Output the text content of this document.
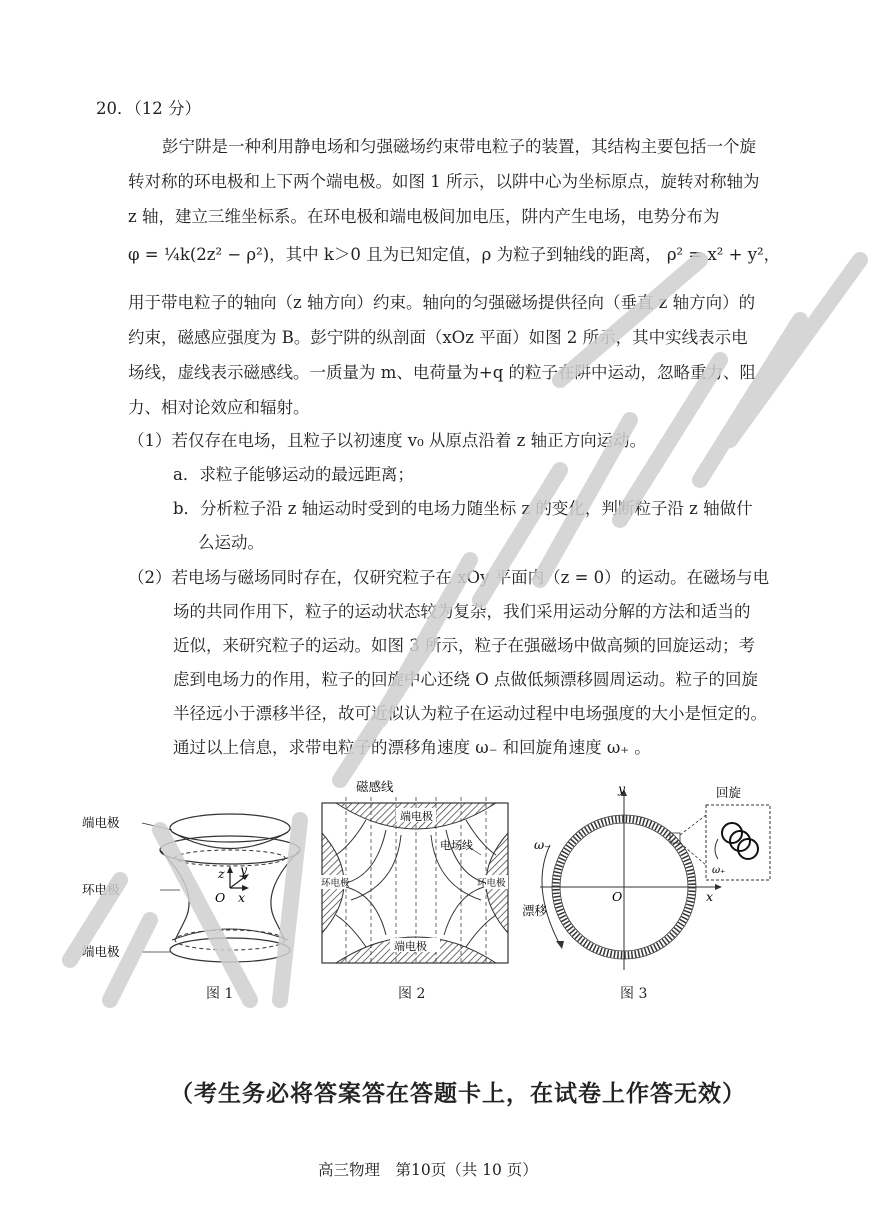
20．（12 分）
彭宁阱是一种利用静电场和匀强磁场约束带电粒子的装置，其结构主要包括一个旋
转对称的环电极和上下两个端电极。如图 1 所示，以阱中心为坐标原点，旋转对称轴为
z 轴，建立三维坐标系。在环电极和端电极间加电压，阱内产生电场，电势分布为
φ = ¼k(2z² − ρ²)，其中 k＞0 且为已知定值，ρ 为粒子到轴线的距离， ρ² = x² + y²，
用于带电粒子的轴向（z 轴方向）约束。轴向的匀强磁场提供径向（垂直 z 轴方向）的
约束，磁感应强度为 B。彭宁阱的纵剖面（xOz 平面）如图 2 所示，其中实线表示电
场线，虚线表示磁感线。一质量为 m、电荷量为+q 的粒子在阱中运动，忽略重力、阻
力、相对论效应和辐射。
（1）若仅存在电场，且粒子以初速度 v₀ 从原点沿着 z 轴正方向运动。
a．求粒子能够运动的最远距离；
b．分析粒子沿 z 轴运动时受到的电场力随坐标 z 的变化，判断粒子沿 z 轴做什
么运动。
（2）若电场与磁场同时存在，仅研究粒子在 xOy 平面内（z = 0）的运动。在磁场与电
场的共同作用下，粒子的运动状态较为复杂，我们采用运动分解的方法和适当的
近似，来研究粒子的运动。如图 3 所示，粒子在强磁场中做高频的回旋运动；考
虑到电场力的作用，粒子的回旋中心还绕 O 点做低频漂移圆周运动。粒子的回旋
半径远小于漂移半径，故可近似认为粒子在运动过程中电场强度的大小是恒定的。
通过以上信息，求带电粒子的漂移角速度 ω₋ 和回旋角速度 ω₊ 。
端电极
环电极
端电极
z y
x
O
图 1
磁感线
端电极
端电极
环电极	环电极
电场线
图 2
x
y
O
ω₋
漂移
回旋
ω₊
图 3
（考生务必将答案答在答题卡上，在试卷上作答无效）
高三物理　第10页（共 10 页）
